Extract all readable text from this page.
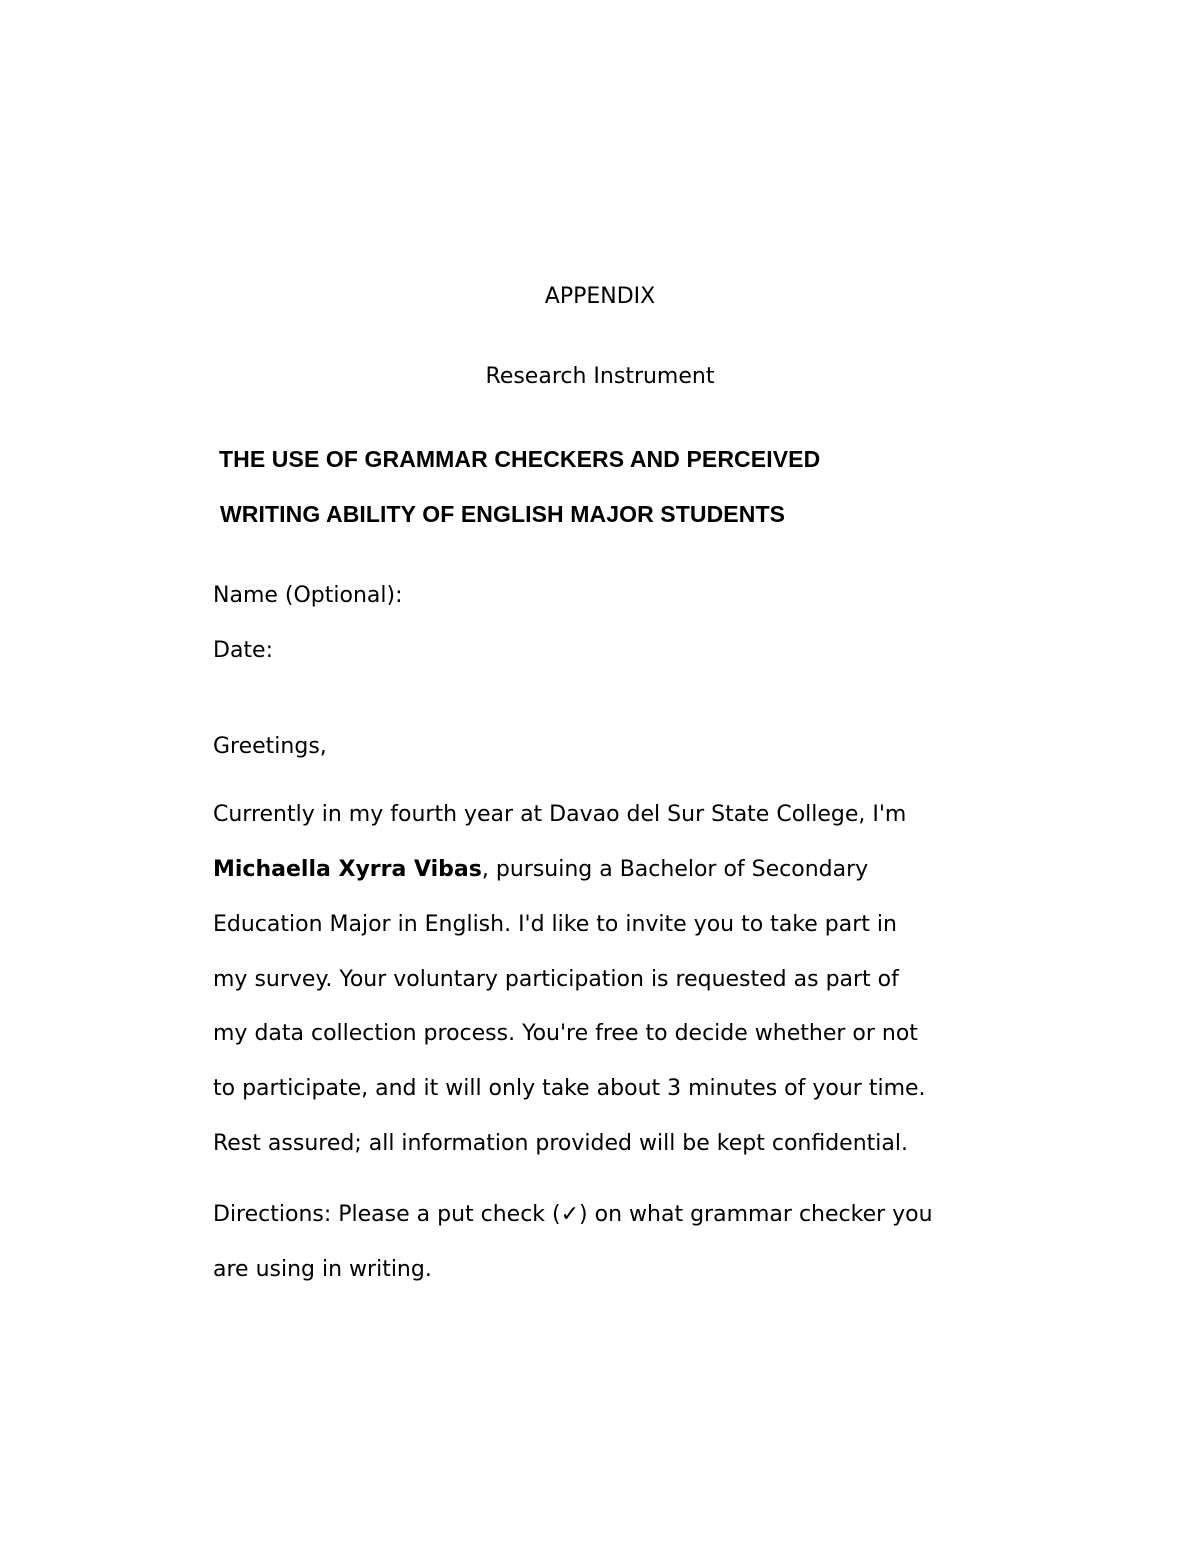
APPENDIX

Research Instrument

THE USE OF GRAMMAR CHECKERS AND PERCEIVED

WRITING ABILITY OF ENGLISH MAJOR STUDENTS

Name (Optional):

Date:

Greetings,

Currently in my fourth year at Davao del Sur State College, I'm

Michaella Xyrra Vibas, pursuing a Bachelor of Secondary

Education Major in English. I'd like to invite you to take part in

my survey. Your voluntary participation is requested as part of

my data collection process. You're free to decide whether or not

to participate, and it will only take about 3 minutes of your time.

Rest assured; all information provided will be kept confidential.

Directions: Please a put check (✓) on what grammar checker you

are using in writing.
